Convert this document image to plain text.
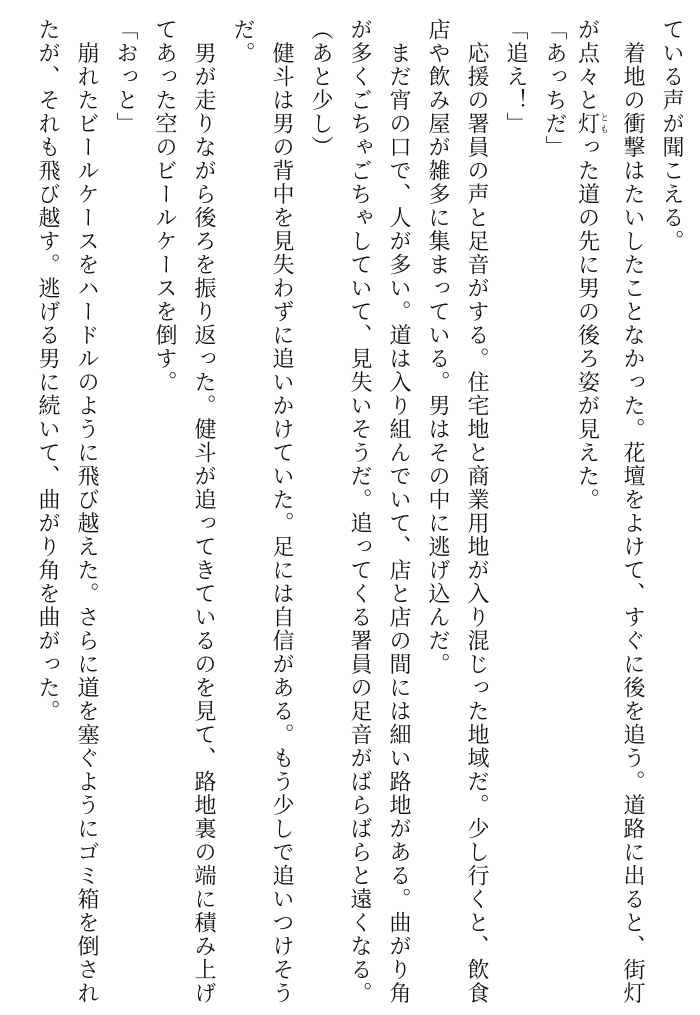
ている声が聞こえる。
　着地の衝撃はたいしたことなかった。花壇をよけて、すぐに後を追う。道路に出ると、街灯
が点々と灯ともった道の先に男の後ろ姿が見えた。
「あっちだ」
「追え！」
　応援の署員の声と足音がする。住宅地と商業用地が入り混じった地域だ。少し行くと、飲食
店や飲み屋が雑多に集まっている。男はその中に逃げ込んだ。
　まだ宵の口で、人が多い。道は入り組んでいて、店と店の間には細い路地がある。曲がり角
が多くごちゃごちゃしていて、見失いそうだ。追ってくる署員の足音がばらばらと遠くなる。
（あと少し）
　健斗は男の背中を見失わずに追いかけていた。足には自信がある。もう少しで追いつけそう
だ。
　男が走りながら後ろを振り返った。健斗が追ってきているのを見て、路地裏の端に積み上げ
てあった空のビールケースを倒す。
「おっと」
　崩れたビールケースをハードルのように飛び越えた。さらに道を塞ぐようにゴミ箱を倒され
たが、それも飛び越す。逃げる男に続いて、曲がり角を曲がった。
